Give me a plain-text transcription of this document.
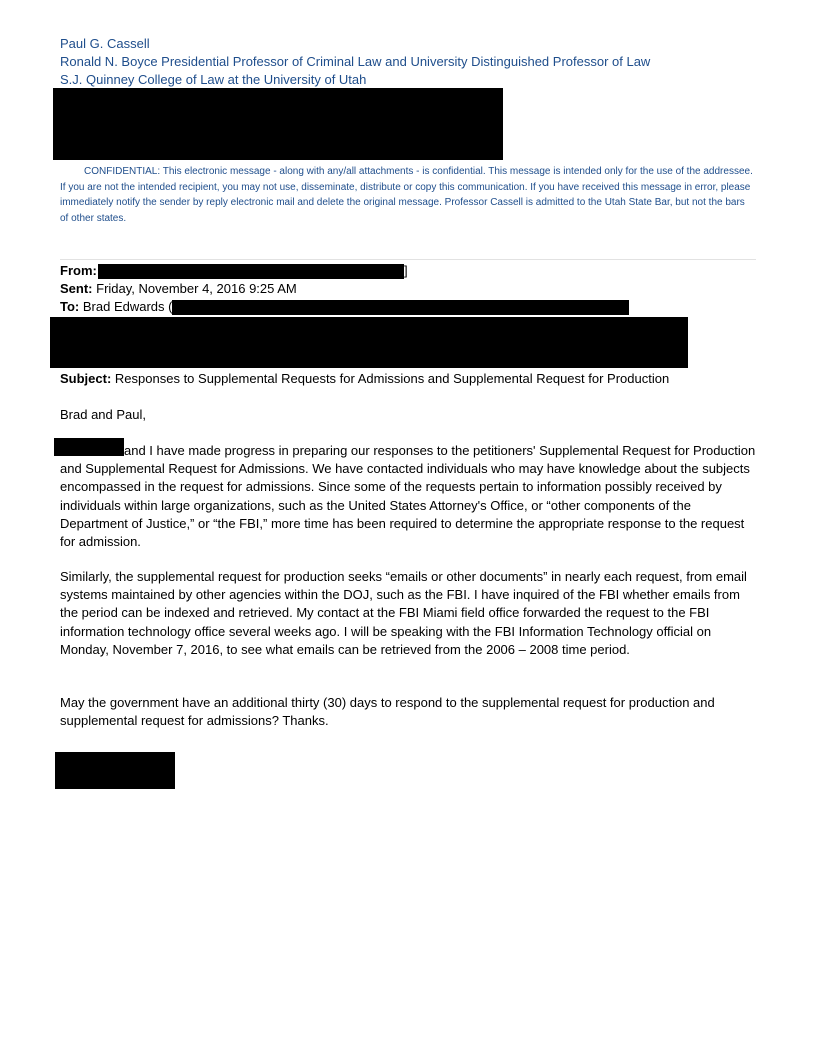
Paul G. Cassell
Ronald N. Boyce Presidential Professor of Criminal Law and University Distinguished Professor of Law
S.J. Quinney College of Law at the University of Utah
CONFIDENTIAL: This electronic message - along with any/all attachments - is confidential. This message is intended only for the use of the addressee. If you are not the intended recipient, you may not use, disseminate, distribute or copy this communication. If you have received this message in error, please immediately notify the sender by reply electronic mail and delete the original message. Professor Cassell is admitted to the Utah State Bar, but not the bars of other states.
From:	]
Sent: Friday, November 4, 2016 9:25 AM
To: Brad Edwards (
Subject: Responses to Supplemental Requests for Admissions and Supplemental Request for Production
Brad and Paul,

and I have made progress in preparing our responses to the petitioners' Supplemental Request for Production and Supplemental Request for Admissions. We have contacted individuals who may have knowledge about the subjects encompassed in the request for admissions. Since some of the requests pertain to information possibly received by individuals within large organizations, such as the United States Attorney's Office, or “other components of the Department of Justice,” or “the FBI,” more time has been required to determine the appropriate response to the request for admission.

Similarly, the supplemental request for production seeks “emails or other documents” in nearly each request, from email systems maintained by other agencies within the DOJ, such as the FBI. I have inquired of the FBI whether emails from the period can be indexed and retrieved. My contact at the FBI Miami field office forwarded the request to the FBI information technology office several weeks ago. I will be speaking with the FBI Information Technology official on Monday, November 7, 2016, to see what emails can be retrieved from the 2006 – 2008 time period.
May the government have an additional thirty (30) days to respond to the supplemental request for production and supplemental request for admissions? Thanks.
